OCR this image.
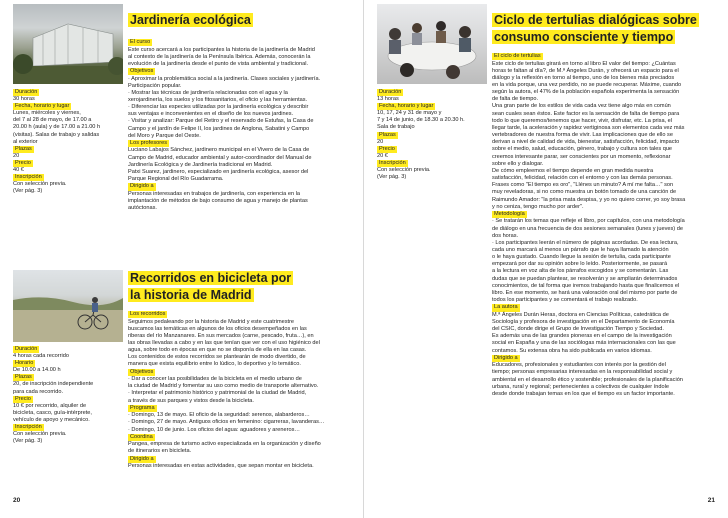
Jardinería ecológica
Duración
30 horas
Fecha, horario y lugar
Lunes, miércoles y viernes,
del 7 al 28 de mayo, de 17.00 a
20.00 h (aula) y de 17.00 a 21.00 h
(visitas). Salas de trabajo y salidas
al exterior
Plazas
20
Precio
40 €
Inscripción
Con selección previa.
(Ver pág. 3)
El curso

Este curso acercará a los participantes la historia de la jardinería de Madrid

al contexto de la jardinería de la Península Ibérica. Además, conocerán la

evolución de la jardinería desde el punto de vista ambiental y tradicional.

Objetivos

· Aproximar la problemática social a la jardinería. Clases sociales y jardinería.

Participación popular.

· Mostrar las técnicas de jardinería relacionadas con el agua y la

xerojardinería, los suelos y los fitosanitarios, el oficio y las herramientas.

· Diferenciar las especies utilizadas por la jardinería ecológica y describir

sus ventajas e inconvenientes en el diseño de los nuevos jardines.

· Visitar y analizar: Parque del Retiro y el reservado de Estufas, la Casa de

Campo y el jardín de Felipe II, los jardines de Anglona, Sabatini y Campo

del Moro y Parque del Oeste.

Los profesores

Luciano Labajos Sánchez, jardinero municipal en el Vivero de la Casa de

Campo de Madrid, educador ambiental y autor-coordinador del Manual de

Jardinería Ecológica y de Jardinería tradicional en Madrid.

Patxi Suarez, jardinero, especializado en jardinería ecológica, asesor del

Parque Regional del Río Guadarrama.

Dirigido a

Personas interesadas en trabajos de jardinería, con experiencia en la

implantación de métodos de bajo consumo de agua y manejo de plantas

autóctonas.

Recorridos en bicicleta por
la historia de Madrid
Duración
4 horas cada recorrido
Horario
De 10.00 a 14.00 h
Plazas
20, de inscripción independiente
para cada recorrido.
Precio
10 € por recorrido, alquiler de
bicicleta, casco, guía-intérprete,
vehículo de apoyo y mecánico.
Inscripción
Con selección previa.
(Ver pág. 3)
Los recorridos

Seguimos pedaleando por la historia de Madrid y este cuatrimestre

buscamos las temáticas en algunos de los oficios desempeñados en las

riberas del río Manzanares. En sus mercados (carne, pescado, fruta…), en

las obras llevadas a cabo y en las que tenían que ver con el uso higiénico del

agua, sobre todo en épocas en que no se disponía de ella en las casas.

Los contenidos de estos recorridos se plantearán de modo divertido, de

manera que exista equilibrio entre lo lúdico, lo deportivo y lo temático.

Objetivos

· Dar a conocer las posibilidades de la bicicleta en el medio urbano de

la ciudad de Madrid y fomentar su uso como medio de transporte alternativo.

· Interpretar el patrimonio histórico y patrimonial de la ciudad de Madrid,

a través de sus parques y vistos desde la bicicleta.

Programa

· Domingo, 13 de mayo. El oficio de la seguridad: serenos, alabarderos…

· Domingo, 27 de mayo. Antiguos oficios en femenino: cigarreras, lavanderas…

· Domingo, 10 de junio. Los oficios del agua: aguadores y areneros…

Coordina

Pangea, empresa de turismo activo especializada en la organización y diseño

de itinerarios en bicicleta.

Dirigido a

Personas interesadas en estas actividades, que sepan montar en bicicleta.

20
Ciclo de tertulias dialógicas sobre
consumo consciente y tiempo
Duración
13 horas
Fecha, horario y lugar
10, 17, 24 y 31 de mayo y
7 y 14 de junio, de 18.30 a 20.30 h.
Sala de trabajo
Plazas
20
Precio
20 €
Inscripción
Con selección previa.
(Ver pág. 3)
El ciclo de tertulias

Este ciclo de tertulias girará en torno al libro El valor del tiempo: ¿Cuántas

horas te faltan al día?, de M.ª Ángeles Durán, y ofrecerá un espacio para el

diálogo y la reflexión en torno al tiempo, uno de los bienes más preciados

en la vida porque, una vez perdido, no se puede recuperar. Máxime, cuando

según la autora, el 47% de la población española experimenta la sensación

de falta de tiempo.

Una gran parte de los estilos de vida cada vez tiene algo más en común

sean cuales sean éstos. Este factor es la sensación de falta de tiempo para

todo lo que queremos/tenemos que hacer, vivir, disfrutar, etc. La prisa, el

llegar tarde, la aceleración y rapidez vertiginosa son elementos cada vez más

vertebradores de nuestra forma de vivir. Las implicaciones que de ello se

derivan a nivel de calidad de vida, bienestar, satisfacción, felicidad, impacto

sobre el medio, salud, educación, género, trabajo y cultura son tales que

creemos interesante parar, ser conscientes por un momento, reflexionar

sobre ello y dialogar.

De cómo empleemos el tiempo depende en gran medida nuestra

satisfacción, felicidad, relación con el entorno y con las demás personas.

Frases como "El tiempo es oro", "Llénes un minuto? A mí me falta…" son

muy reveladoras, si no como muestra un botón tomado de una canción de

Raimundo Amador: "la prisa mata despisa, y yo no quiero correr, yo soy brasa

y no ceniza, tengo mucho por arder".

Metodología

· Se tratarán los temas que refleje el libro, por capítulos, con una metodología

de diálogo en una frecuencia de dos sesiones semanales (lunes y jueves) de

dos horas.

· Los participantes leerán el número de páginas acordadas. De esa lectura,

cada uno marcará al menos un párrafo que le haya llamado la atención

o le haya gustado. Cuando llegue la sesión de tertulia, cada participante

empezará por dar su opinión sobre lo leído. Posteriormente, se pasará

a la lectura en voz alta de los párrafos escogidos y se comentarán. Las

dudas que se puedan plantear, se resolverán y se ampliarán determinados

conocimientos, de tal forma que iremos trabajando hasta que finalicemos el

libro. En ese momento, se hará una valoración oral del mismo por parte de

todos los participantes y se comentará el trabajo realizado.

La autora

M.ª Ángeles Durán Heras, doctora en Ciencias Políticas, catedrática de

Sociología y profesora de investigación en el Departamento de Economía

del CSIC, donde dirige el Grupo de Investigación Tiempo y Sociedad.

Es además una de las grandes pioneras en el campo de la investigación

social en España y una de las sociólogas más internacionales con las que

contamos. Su extensa obra ha sido publicada en varios idiomas.

Dirigido a

Educadores, profesionales y estudiantes con interés por la gestión del

tiempo; personas empresarias interesadas en la responsabilidad social y

ambiental en el desarrollo ético y sostenible; profesionales de la planificación

urbana, rural y regional; pertenecientes a colectivos de cualquier índole

desde donde trabajan temas en los que el tiempo es un factor importante.

21
